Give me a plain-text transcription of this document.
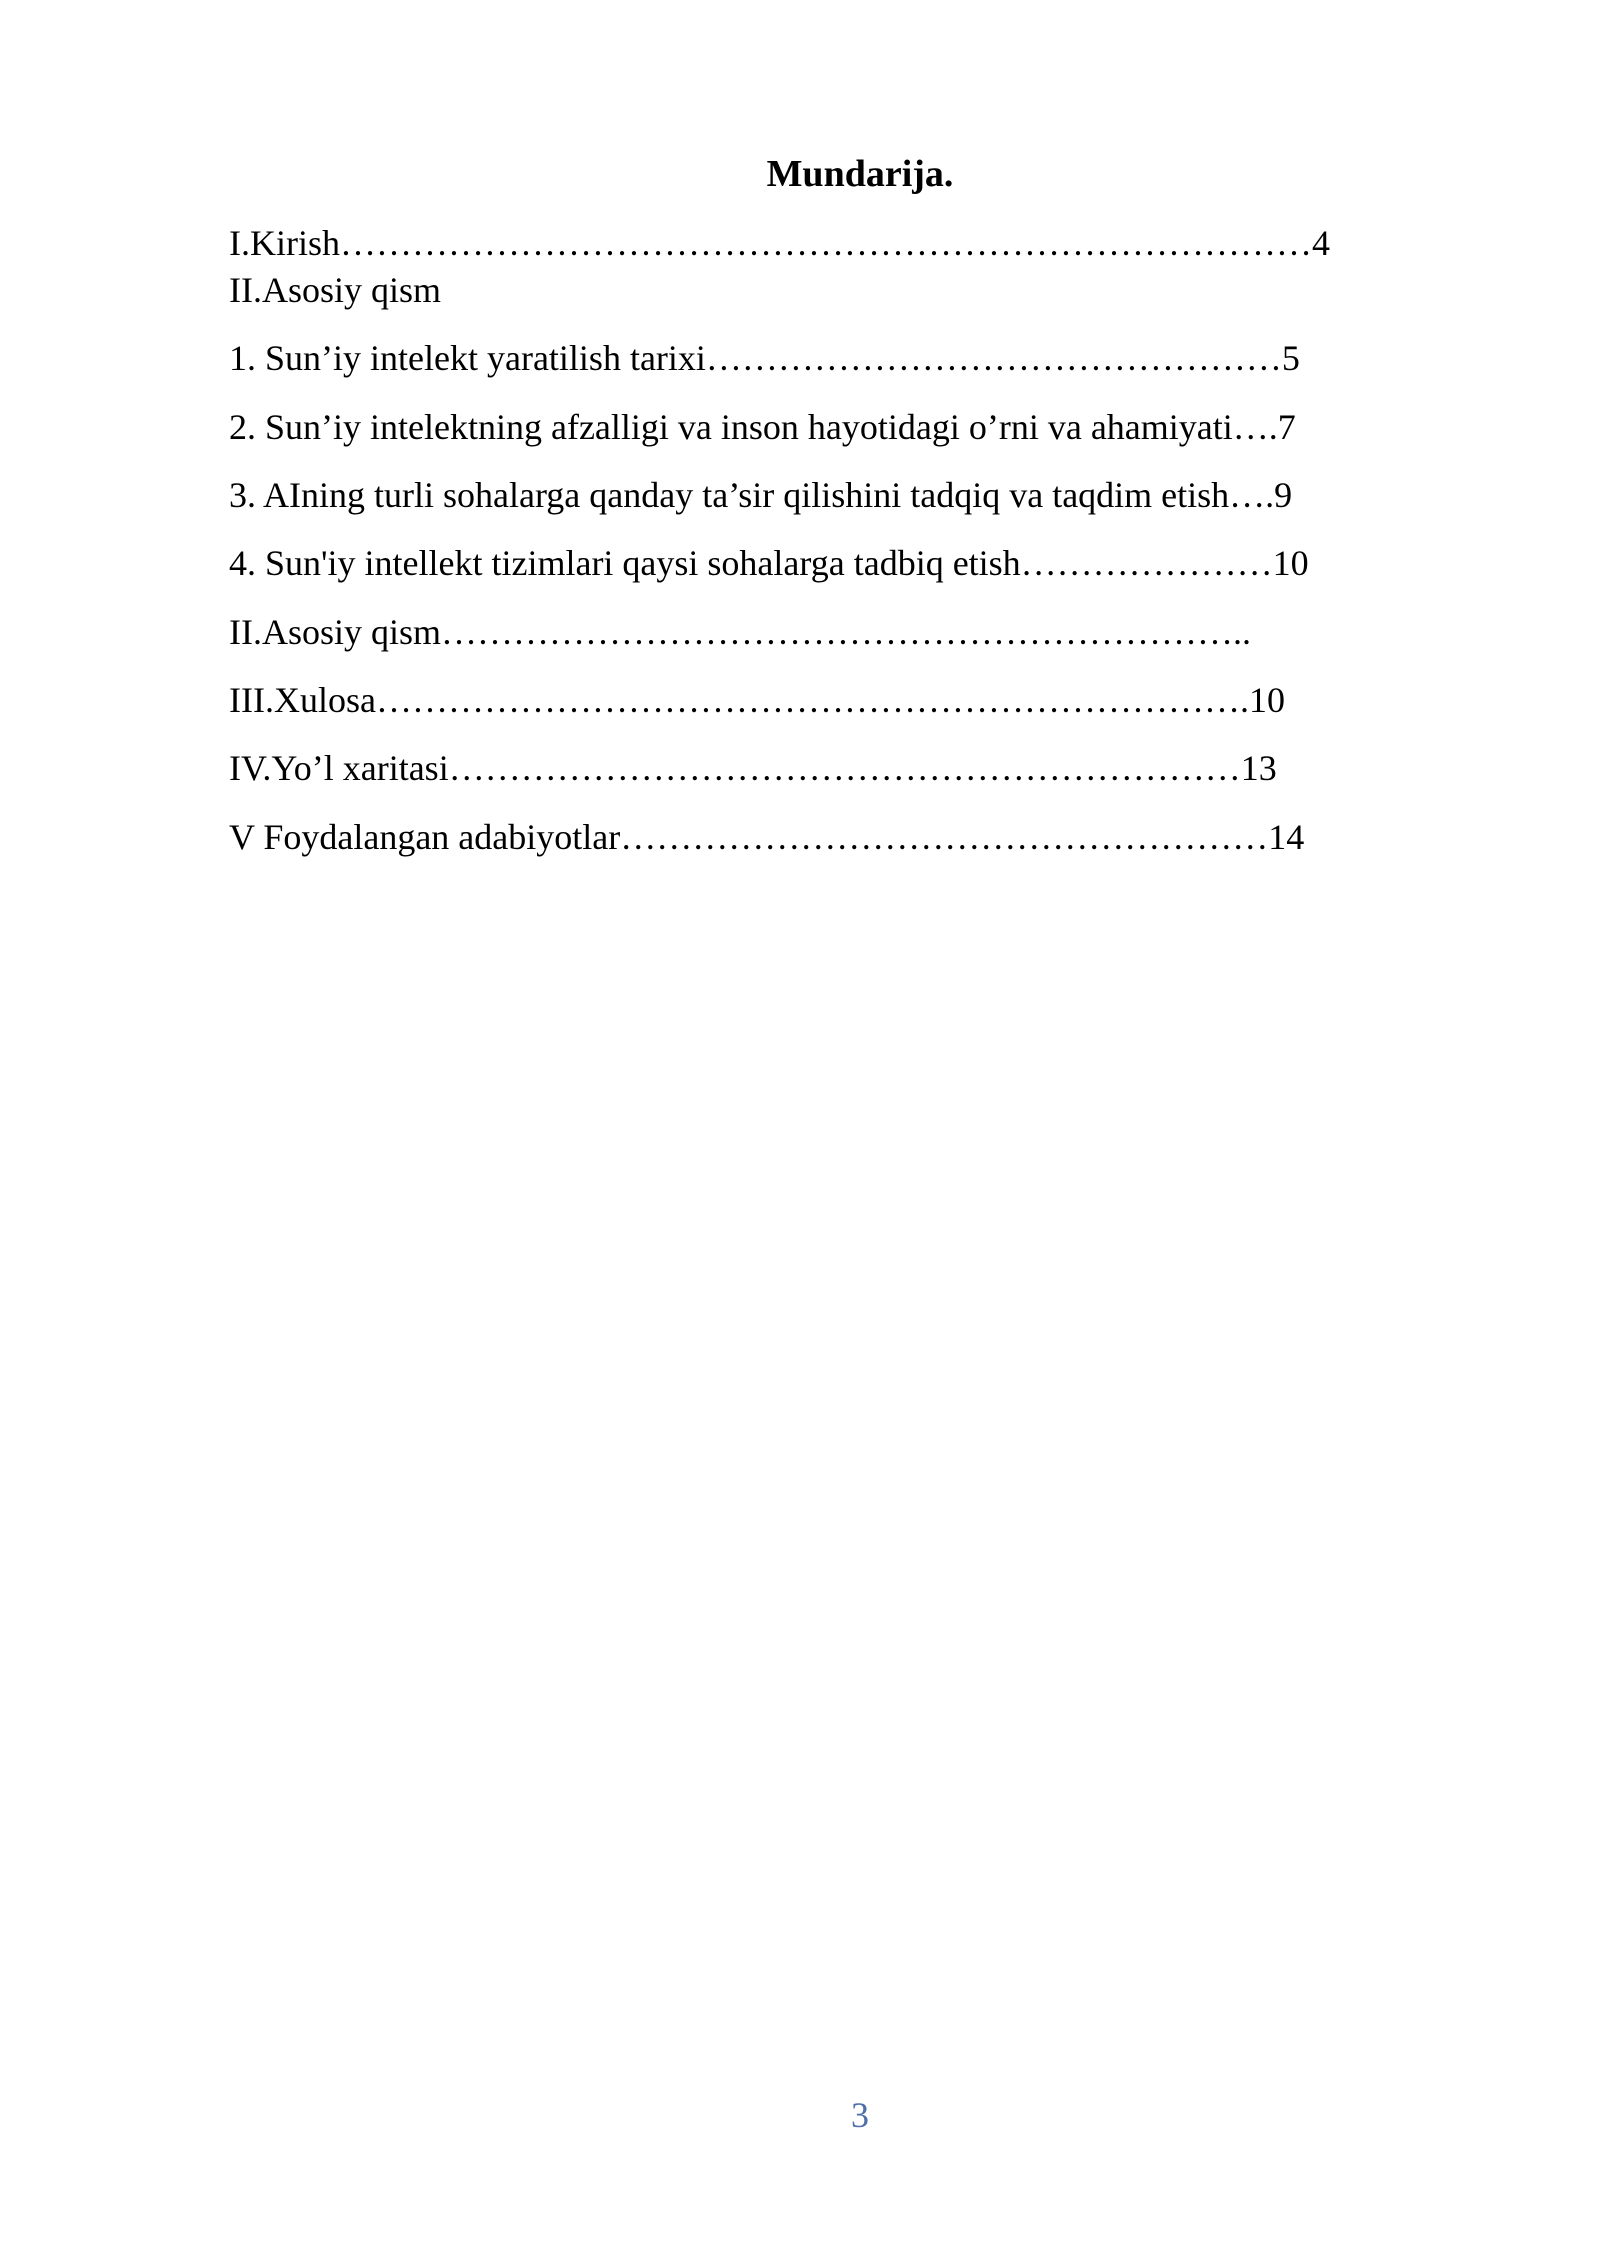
Mundarija.
I.Kirish………………………………………………………………………4
II.Asosiy qism
1. Sun’iy intelekt yaratilish tarixi…………………………………………5
2. Sun’iy intelektning afzalligi va inson hayotidagi o’rni va ahamiyati….7
3. AIning turli sohalarga qanday ta’sir qilishini tadqiq va taqdim etish….9
4. Sun'iy intellekt tizimlari qaysi sohalarga tadbiq etish…………………10
II.Asosiy qism…………………………………………………………..
III.Xulosa……………………………………………………………….10
IV.Yo’l xaritasi…………………………………………………………13
V Foydalangan adabiyotlar………………………………………………14
3
